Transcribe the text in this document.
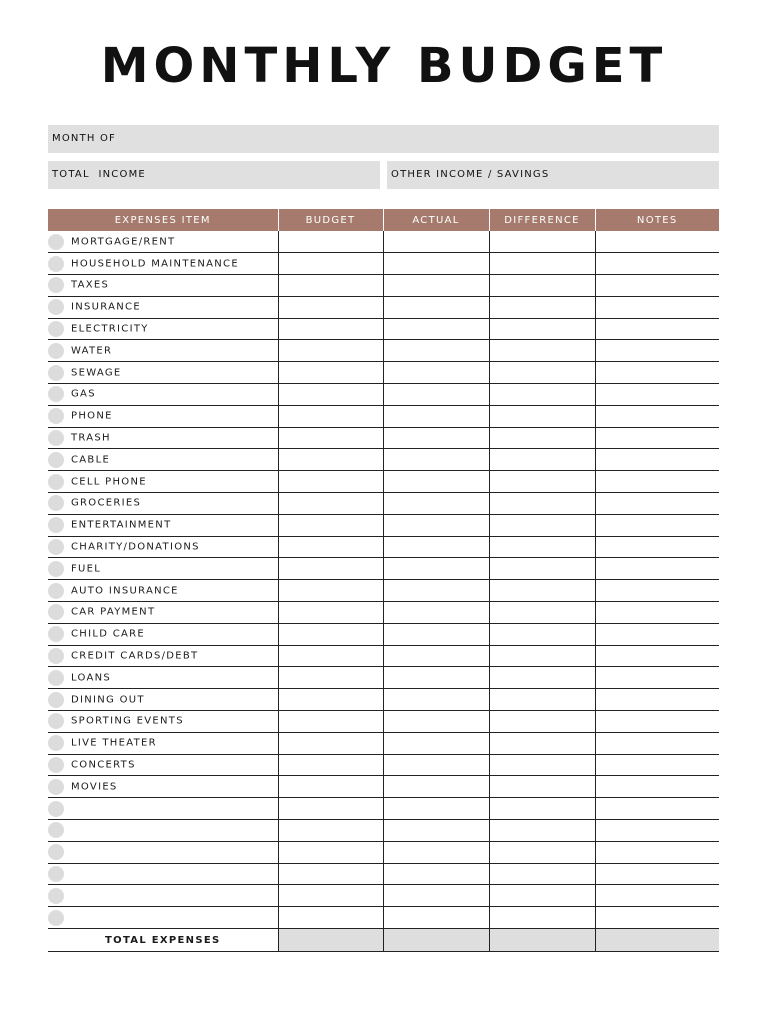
MONTHLY BUDGET
MONTH OF
TOTAL  INCOME	OTHER INCOME / SAVINGS
EXPENSES ITEM	BUDGET	ACTUAL	DIFFERENCE	NOTES
MORTGAGE/RENT				
HOUSEHOLD MAINTENANCE				
TAXES				
INSURANCE				
ELECTRICITY				
WATER				
SEWAGE				
GAS				
PHONE				
TRASH				
CABLE				
CELL PHONE				
GROCERIES				
ENTERTAINMENT				
CHARITY/DONATIONS				
FUEL				
AUTO INSURANCE				
CAR PAYMENT				
CHILD CARE				
CREDIT CARDS/DEBT				
LOANS				
DINING OUT				
SPORTING EVENTS				
LIVE THEATER				
CONCERTS				
MOVIES				

TOTAL EXPENSES				
